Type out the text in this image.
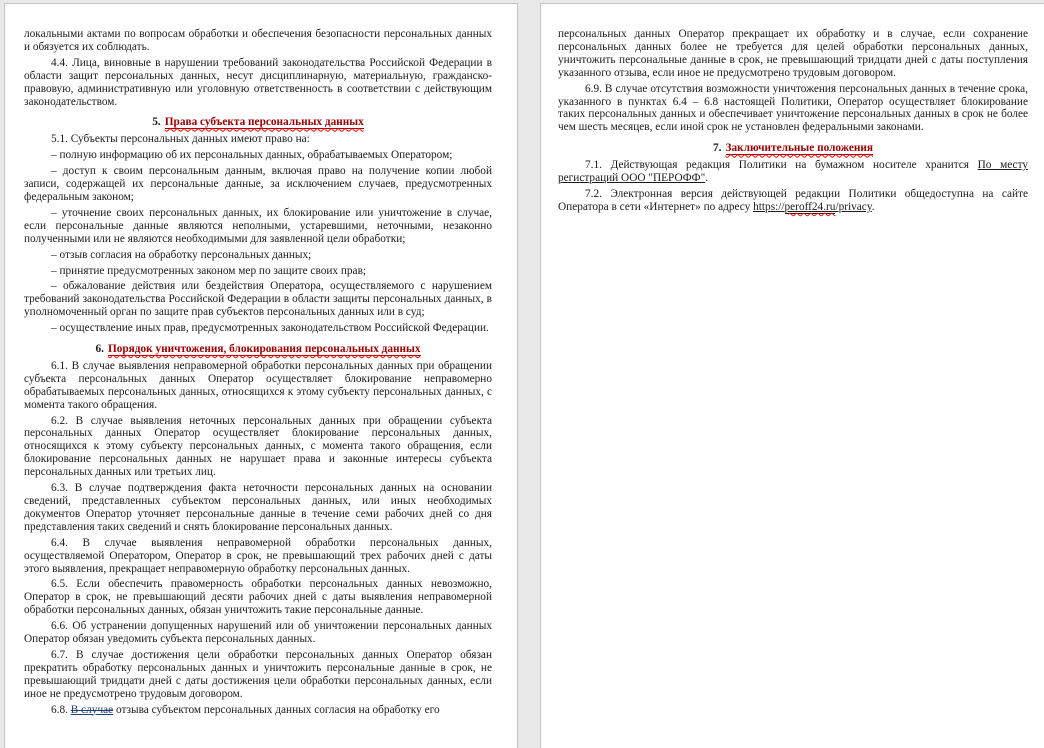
локальными актами по вопросам обработки и обеспечения безопасности персональных данных и обязуется их соблюдать.

4.4. Лица, виновные в нарушении требований законодательства Российской Федерации в области защит персональных данных, несут дисциплинарную, материальную, гражданско-правовую, административную или уголовную ответственность в соответствии с действующим законодательством.

5. Права субъекта персональных данных

5.1. Субъекты персональных данных имеют право на:

– полную информацию об их персональных данных, обрабатываемых Оператором;

– доступ к своим персональным данным, включая право на получение копии любой записи, содержащей их персональные данные, за исключением случаев, предусмотренных федеральным законом;

– уточнение своих персональных данных, их блокирование или уничтожение в случае, если персональные данные являются неполными, устаревшими, неточными, незаконно полученными или не являются необходимыми для заявленной цели обработки;

– отзыв согласия на обработку персональных данных;

– принятие предусмотренных законом мер по защите своих прав;

– обжалование действия или бездействия Оператора, осуществляемого с нарушением требований законодательства Российской Федерации в области защиты персональных данных, в уполномоченный орган по защите прав субъектов персональных данных или в суд;

– осуществление иных прав, предусмотренных законодательством Российской Федерации.

6. Порядок уничтожения, блокирования персональных данных

6.1. В случае выявления неправомерной обработки персональных данных при обращении субъекта персональных данных Оператор осуществляет блокирование неправомерно обрабатываемых персональных данных, относящихся к этому субъекту персональных данных, с момента такого обращения.

6.2. В случае выявления неточных персональных данных при обращении субъекта персональных данных Оператор осуществляет блокирование персональных данных, относящихся к этому субъекту персональных данных, с момента такого обращения, если блокирование персональных данных не нарушает права и законные интересы субъекта персональных данных или третьих лиц.

6.3. В случае подтверждения факта неточности персональных данных на основании сведений, представленных субъектом персональных данных, или иных необходимых документов Оператор уточняет персональные данные в течение семи рабочих дней со дня представления таких сведений и снять блокирование персональных данных.

6.4. В случае выявления неправомерной обработки персональных данных, осуществляемой Оператором, Оператор в срок, не превышающий трех рабочих дней с даты этого выявления, прекращает неправомерную обработку персональных данных.

6.5. Если обеспечить правомерность обработки персональных данных невозможно, Оператор в срок, не превышающий десяти рабочих дней с даты выявления неправомерной обработки персональных данных, обязан уничтожить такие персональные данные.

6.6. Об устранении допущенных нарушений или об уничтожении персональных данных Оператор обязан уведомить субъекта персональных данных.

6.7. В случае достижения цели обработки персональных данных Оператор обязан прекратить обработку персональных данных и уничтожить персональные данные в срок, не превышающий тридцати дней с даты достижения цели обработки персональных данных, если иное не предусмотрено трудовым договором.

6.8. В случае отзыва субъектом персональных данных согласия на обработку его

персональных данных Оператор прекращает их обработку и в случае, если сохранение персональных данных более не требуется для целей обработки персональных данных, уничтожить персональные данные в срок, не превышающий тридцати дней с даты поступления указанного отзыва, если иное не предусмотрено трудовым договором.

6.9. В случае отсутствия возможности уничтожения персональных данных в течение срока, указанного в пунктах 6.4 – 6.8 настоящей Политики, Оператор осуществляет блокирование таких персональных данных и обеспечивает уничтожение персональных данных в срок не более чем шесть месяцев, если иной срок не установлен федеральными законами.

7. Заключительные положения

7.1. Действующая редакция Политики на бумажном носителе хранится По месту регистраций ООО "ПЕРОФФ".

7.2. Электронная версия действующей редакции Политики общедоступна на сайте Оператора в сети «Интернет» по адресу https://peroff24.ru/privacy.
